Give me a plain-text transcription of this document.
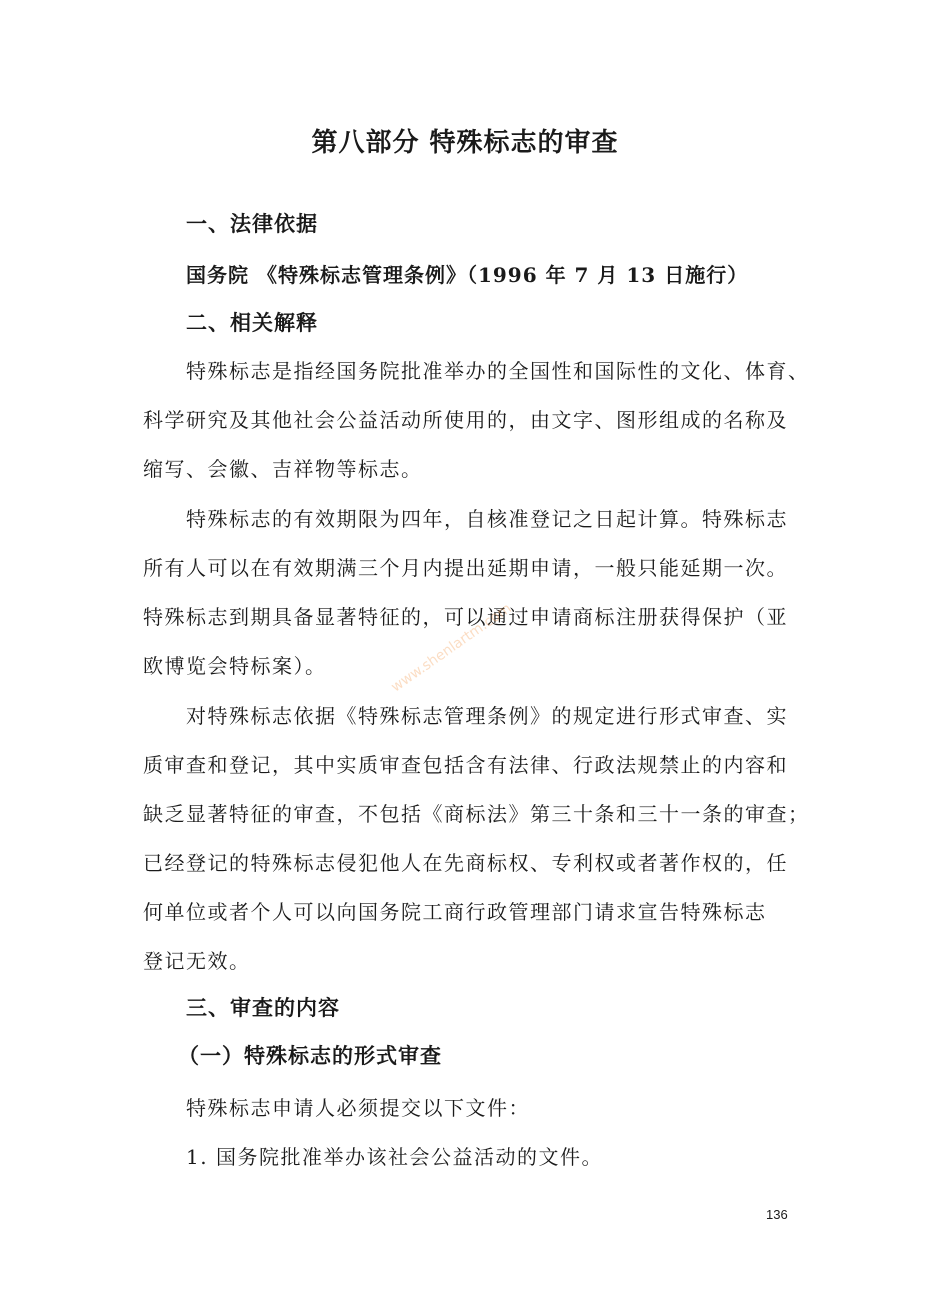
第八部分 特殊标志的审查
一、法律依据
国务院 《特殊标志管理条例》（1996 年 7 月 13 日施行）
二、相关解释
特殊标志是指经国务院批准举办的全国性和国际性的文化、体育、
科学研究及其他社会公益活动所使用的，由文字、图形组成的名称及
缩写、会徽、吉祥物等标志。
特殊标志的有效期限为四年，自核准登记之日起计算。特殊标志
所有人可以在有效期满三个月内提出延期申请，一般只能延期一次。
特殊标志到期具备显著特征的，可以通过申请商标注册获得保护（亚
欧博览会特标案）。
对特殊标志依据《特殊标志管理条例》的规定进行形式审查、实
质审查和登记，其中实质审查包括含有法律、行政法规禁止的内容和
缺乏显著特征的审查，不包括《商标法》第三十条和三十一条的审查；
已经登记的特殊标志侵犯他人在先商标权、专利权或者著作权的，任
何单位或者个人可以向国务院工商行政管理部门请求宣告特殊标志
登记无效。
三、审查的内容
（一）特殊标志的形式审查
特殊标志申请人必须提交以下文件：
1. 国务院批准举办该社会公益活动的文件。
www.shenlartm.com
136
